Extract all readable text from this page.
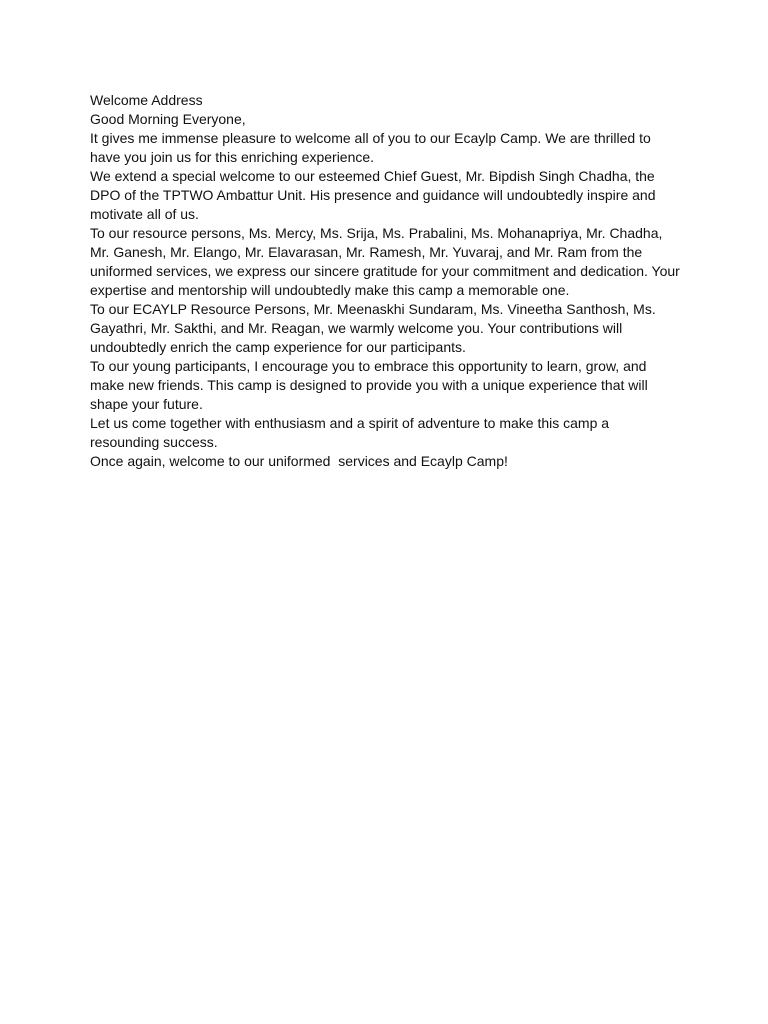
Welcome Address

Good Morning Everyone,

It gives me immense pleasure to welcome all of you to our Ecaylp Camp. We are thrilled to have you join us for this enriching experience.

We extend a special welcome to our esteemed Chief Guest, Mr. Bipdish Singh Chadha, the DPO of the TPTWO Ambattur Unit. His presence and guidance will undoubtedly inspire and motivate all of us.

To our resource persons, Ms. Mercy, Ms. Srija, Ms. Prabalini, Ms. Mohanapriya, Mr. Chadha, Mr. Ganesh, Mr. Elango, Mr. Elavarasan, Mr. Ramesh, Mr. Yuvaraj, and Mr. Ram from the uniformed services, we express our sincere gratitude for your commitment and dedication. Your expertise and mentorship will undoubtedly make this camp a memorable one.

To our ECAYLP Resource Persons, Mr. Meenaskhi Sundaram, Ms. Vineetha Santhosh, Ms. Gayathri, Mr. Sakthi, and Mr. Reagan, we warmly welcome you. Your contributions will undoubtedly enrich the camp experience for our participants.

To our young participants, I encourage you to embrace this opportunity to learn, grow, and make new friends. This camp is designed to provide you with a unique experience that will shape your future.

Let us come together with enthusiasm and a spirit of adventure to make this camp a resounding success.

Once again, welcome to our uniformed  services and Ecaylp Camp!
